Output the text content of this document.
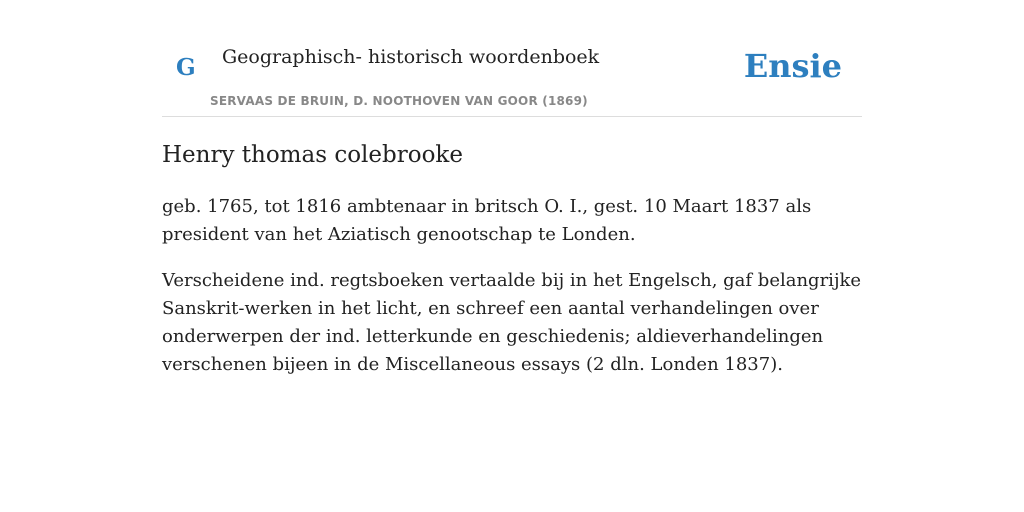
G Geographisch- historisch woordenboek
SERVAAS DE BRUIN, D. NOOTHOVEN VAN GOOR (1869)
Ensie
Henry thomas colebrooke

geb. 1765, tot 1816 ambtenaar in britsch O. I., gest. 10 Maart 1837 als president van het Aziatisch genootschap te Londen.

Verscheidene ind. regtsboeken vertaalde bij in het Engelsch, gaf belangrijke Sanskrit-werken in het licht, en schreef een aantal verhandelingen over onderwerpen der ind. letterkunde en geschiedenis; aldieverhandelingen verschenen bijeen in de Miscellaneous essays (2 dln. Londen 1837).
